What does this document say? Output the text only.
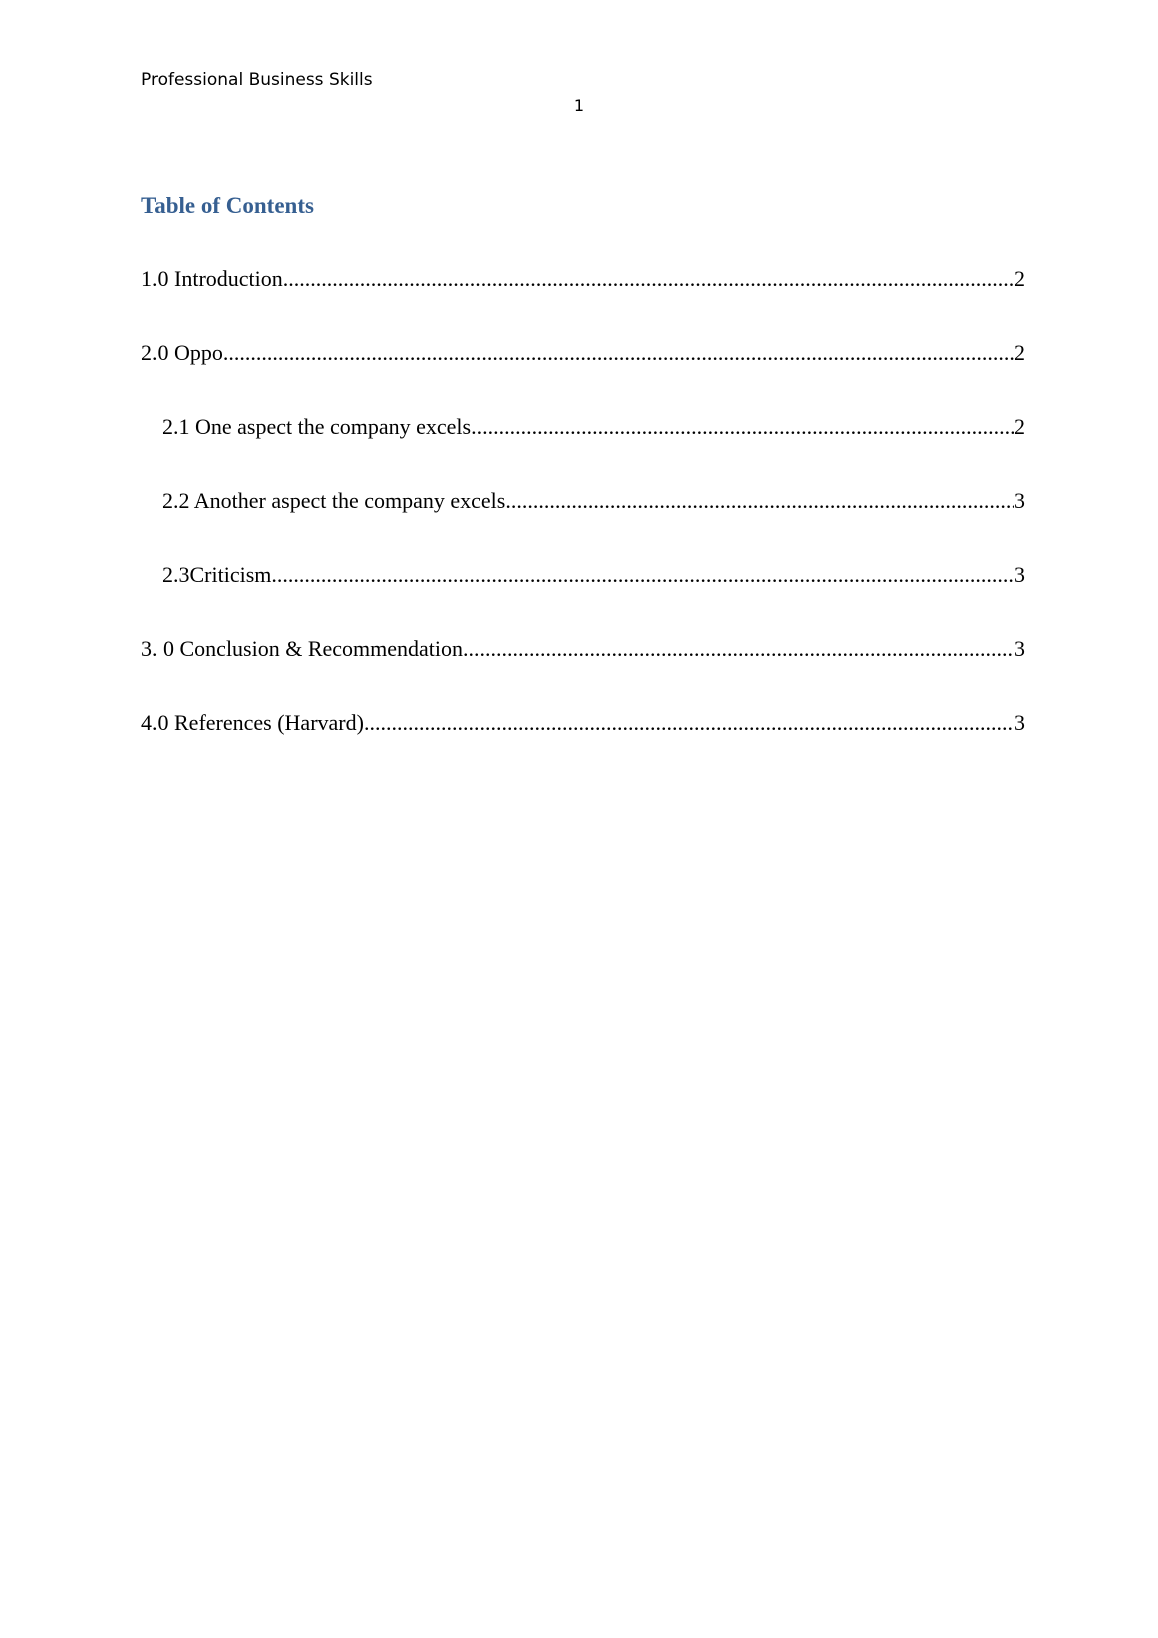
Professional Business Skills
1
Table of Contents
1.0 Introduction .....	2
2.0 Oppo .....	2
2.1 One aspect the company excels .....	2
2.2 Another aspect the company excels .....	3
2.3 Criticism .....	3
3. 0 Conclusion & Recommendation .....	3
4.0 References (Harvard) .....	3
